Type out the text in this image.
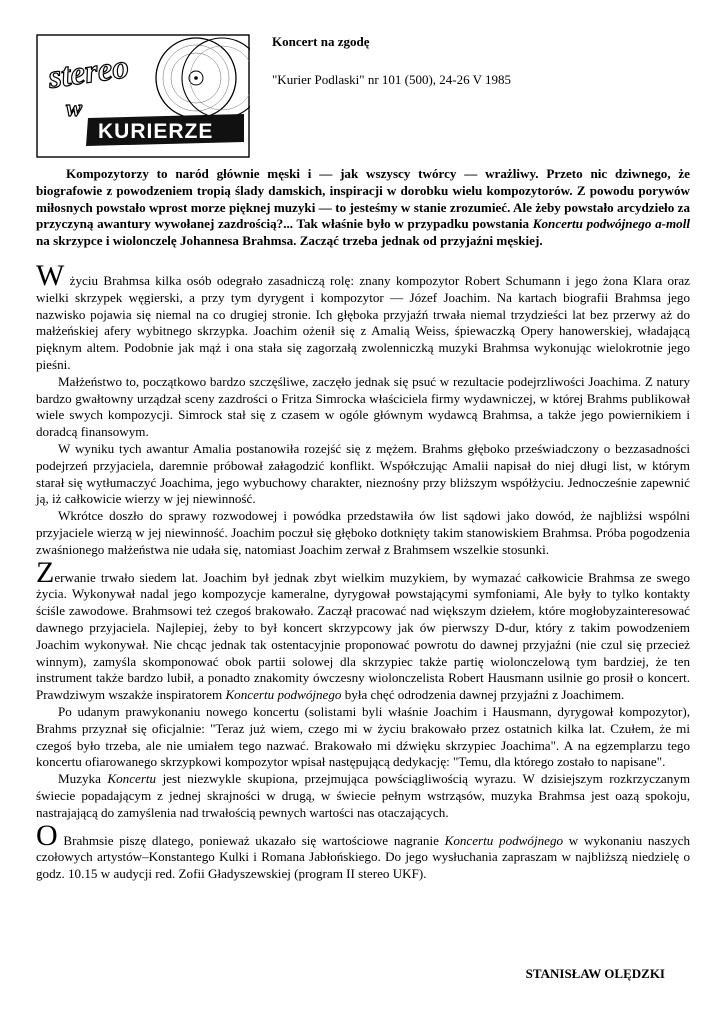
stereo
w
KURIERZE
Koncert na zgodę
"Kurier Podlaski" nr 101 (500), 24-26 V 1985

Kompozytorzy to naród głównie męski i — jak wszyscy twórcy — wrażliwy. Przeto nic dziwnego, że biografowie z powodzeniem tropią ślady damskich, inspiracji w dorobku wielu kompozytorów. Z powodu porywów miłosnych powstało wprost morze pięknej muzyki — to jesteśmy w stanie zrozumieć. Ale żeby powstało arcydzieło za przyczyną awantury wywołanej zazdrością?... Tak właśnie było w przypadku powstania Koncertu podwójnego a-moll na skrzypce i wiolonczelę Johannesa Brahmsa. Zacząć trzeba jednak od przyjaźni męskiej.

W życiu Brahmsa kilka osób odegrało zasadniczą rolę: znany kompozytor Robert Schumann i jego żona Klara oraz wielki skrzypek węgierski, a przy tym dyrygent i kompozytor — Józef Joachim. Na kartach biografii Brahmsa jego nazwisko pojawia się niemal na co drugiej stronie. Ich głęboka przyjaźń trwała niemal trzydzieści lat bez przerwy aż do małżeńskiej afery wybitnego skrzypka. Joachim ożenił się z Amalią Weiss, śpiewaczką Opery hanowerskiej, władającą pięknym altem. Podobnie jak mąż i ona stała się zagorzałą zwolenniczką muzyki Brahmsa wykonując wielokrotnie jego pieśni.

Małżeństwo to, początkowo bardzo szczęśliwe, zaczęło jednak się psuć w rezultacie podejrzliwości Joachima. Z natury bardzo gwałtowny urządzał sceny zazdrości o Fritza Simrocka właściciela firmy wydawniczej, w której Brahms publikował wiele swych kompozycji. Simrock stał się z czasem w ogóle głównym wydawcą Brahmsa, a także jego powiernikiem i doradcą finansowym.

W wyniku tych awantur Amalia postanowiła rozejść się z mężem. Brahms głęboko przeświadczony o bezzasadności podejrzeń przyjaciela, daremnie próbował załagodzić konflikt. Współczując Amalii napisał do niej długi list, w którym starał się wytłumaczyć Joachima, jego wybuchowy charakter, nieznośny przy bliższym współżyciu. Jednocześnie zapewnić ją, iż całkowicie wierzy w jej niewinność.

Wkrótce doszło do sprawy rozwodowej i powódka przedstawiła ów list sądowi jako dowód, że najbliżsi wspólni przyjaciele wierzą w jej niewinność. Joachim poczuł się głęboko dotknięty takim stanowiskiem Brahmsa. Próba pogodzenia zwaśnionego małżeństwa nie udała się, natomiast Joachim zerwał z Brahmsem wszelkie stosunki.

Zerwanie trwało siedem lat. Joachim był jednak zbyt wielkim muzykiem, by wymazać całkowicie Brahmsa ze swego życia. Wykonywał nadal jego kompozycje kameralne, dyrygował powstającymi symfoniami, Ale były to tylko kontakty ściśle zawodowe. Brahmsowi też czegoś brakowało. Zaczął pracować nad większym dziełem, które mogłobyzainteresować dawnego przyjaciela. Najlepiej, żeby to był koncert skrzypcowy jak ów pierwszy D-dur, który z takim powodzeniem Joachim wykonywał. Nie chcąc jednak tak ostentacyjnie proponować powrotu do dawnej przyjaźni (nie czul się przecież winnym), zamyśla skomponować obok partii solowej dla skrzypiec także partię wiolonczelową tym bardziej, że ten instrument także bardzo lubił, a ponadto znakomity ówczesny wiolonczelista Robert Hausmann usilnie go prosił o koncert. Prawdziwym wszakże inspiratorem Koncertu podwójnego była chęć odrodzenia dawnej przyjaźni z Joachimem.

Po udanym prawykonaniu nowego koncertu (solistami byli właśnie Joachim i Hausmann, dyrygował kompozytor), Brahms przyznał się oficjalnie: "Teraz już wiem, czego mi w życiu brakowało przez ostatnich kilka lat. Czułem, że mi czegoś było trzeba, ale nie umiałem tego nazwać. Brakowało mi dźwięku skrzypiec Joachima". A na egzemplarzu tego koncertu ofiarowanego skrzypkowi kompozytor wpisał następującą dedykację: "Temu, dla którego zostało to napisane".

Muzyka Koncertu jest niezwykle skupiona, przejmująca powściągliwością wyrazu. W dzisiejszym rozkrzyczanym świecie popadającym z jednej skrajności w drugą, w świecie pełnym wstrząsów, muzyka Brahmsa jest oazą spokoju, nastrajającą do zamyślenia nad trwałością pewnych wartości nas otaczających.

O Brahmsie piszę dlatego, ponieważ ukazało się wartościowe nagranie Koncertu podwójnego w wykonaniu naszych czołowych artystów–Konstantego Kulki i Romana Jabłońskiego. Do jego wysłuchania zapraszam w najbliższą niedzielę o godz. 10.15 w audycji red. Zofii Gładyszewskiej (program II stereo UKF).

STANISŁAW OLĘDZKI
